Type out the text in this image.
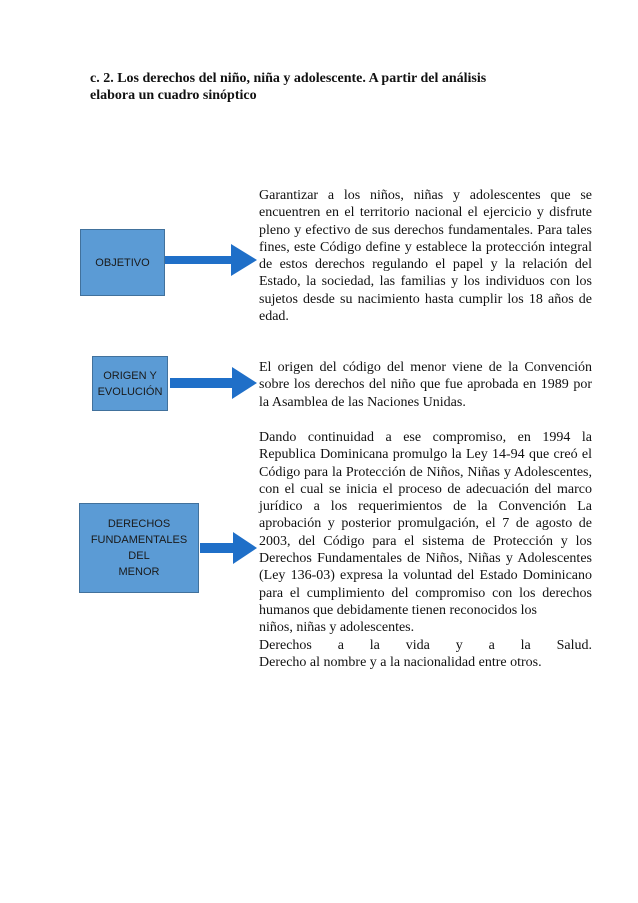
c. 2. Los derechos del niño, niña y adolescente. A partir del análisis
elabora un cuadro sinóptico

OBJETIVO

Garantizar a los niños, niñas y adolescentes que se encuentren en el territorio nacional el ejercicio y disfrute pleno y efectivo de sus derechos fundamentales. Para tales fines, este Código define y establece la protección integral de estos derechos regulando el papel y la relación del Estado, la sociedad, las familias y los individuos con los sujetos desde su nacimiento hasta cumplir los 18 años de edad.

ORIGEN Y
EVOLUCIÓN

El origen del código del menor viene de la Convención sobre los derechos del niño que fue aprobada en 1989 por la Asamblea de las Naciones Unidas.

DERECHOS
FUNDAMENTALES DEL
MENOR

Dando continuidad a ese compromiso, en 1994 la Republica Dominicana promulgo la Ley 14-94 que creó el Código para la Protección de Niños, Niñas y Adolescentes, con el cual se inicia el proceso de adecuación del marco jurídico a los requerimientos de la Convención La aprobación y posterior promulgación, el 7 de agosto de 2003, del Código para el sistema de Protección y los Derechos Fundamentales de Niños, Niñas y Adolescentes (Ley 136-03) expresa la voluntad del Estado Dominicano para el cumplimiento del compromiso con los derechos humanos que debidamente tienen reconocidos los

niños, niñas y adolescentes.
Derechos a la vida y a la Salud.
Derecho al nombre y a la nacionalidad entre otros.
